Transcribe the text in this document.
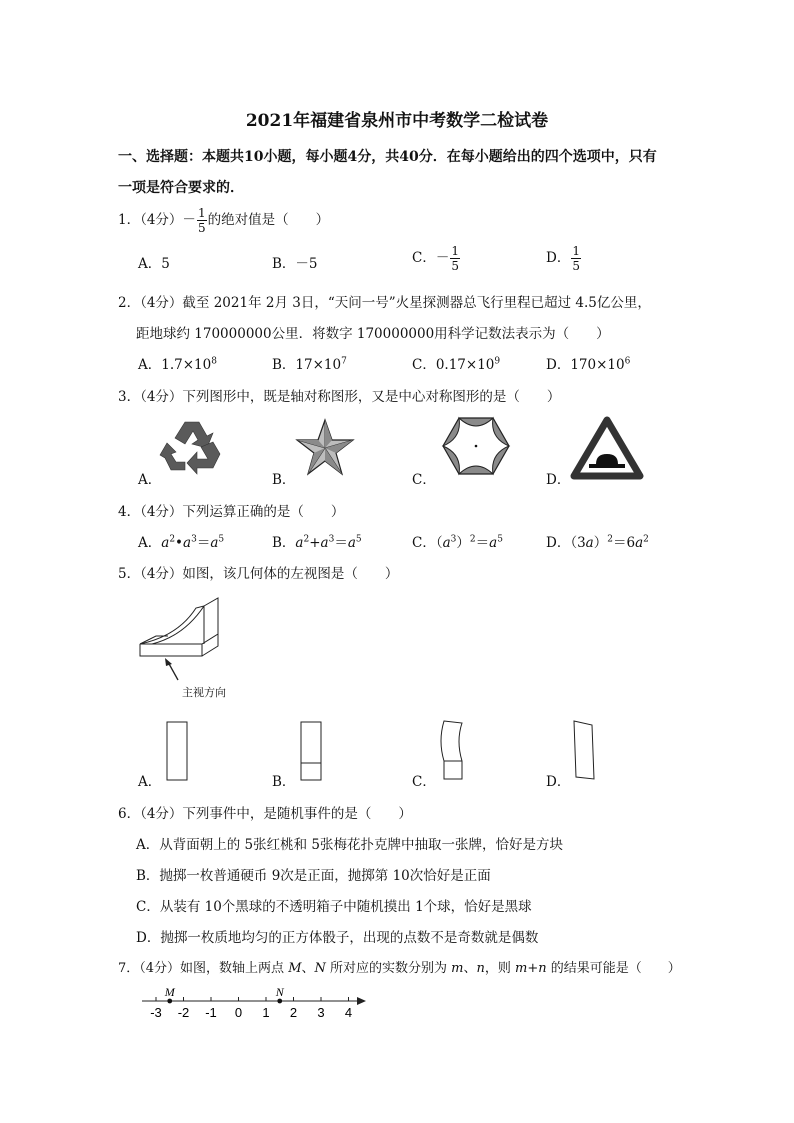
2021年福建省泉州市中考数学二检试卷
一、选择题：本题共10小题，每小题4分，共40分．在每小题给出的四个选项中，只有
一项是符合要求的．
1．（4分）－ $\frac{1}{5}$ 的绝对值是（　　）
A．5	B．－5	C．－ $\frac{1}{5}$	D． $\frac{1}{5}$
2．（4分）截至 2021年 2月 3日，“天问一号”火星探测器总飞行里程已超过 4.5亿公里，
距地球约 170000000公里．将数字 170000000用科学记数法表示为（　　）
A．$1.7\times 10^8$	B．$17\times 10^7$	C．$0.17\times 10^9$	D．$170\times 10^6$
3．（4分）下列图形中，既是轴对称图形，又是中心对称图形的是（　　）
A．	B．	C．	D．
4．（4分）下列运算正确的是（　　）
A．$a^2•a^3=a^5$	B．$a^2+a^3=a^5$	C．$(a^3)^2=a^5$	D．$(3a)^2=6a^2$
5．（4分）如图，该几何体的左视图是（　　）
主视方向
A．	B．	C．	D．
6．（4分）下列事件中，是随机事件的是（　　）
A．从背面朝上的 5张红桃和 5张梅花扑克牌中抽取一张牌，恰好是方块
B．抛掷一枚普通硬币 9次是正面，抛掷第 10次恰好是正面
C．从装有 10个黑球的不透明箱子中随机摸出 1个球，恰好是黑球
D．抛掷一枚质地均匀的正方体骰子，出现的点数不是奇数就是偶数
7．（4分）如图，数轴上两点 M、N 所对应的实数分别为 m、n，则 m+n 的结果可能是（　　）
-3 -2 -1 0 1 2 3 4
M	N
